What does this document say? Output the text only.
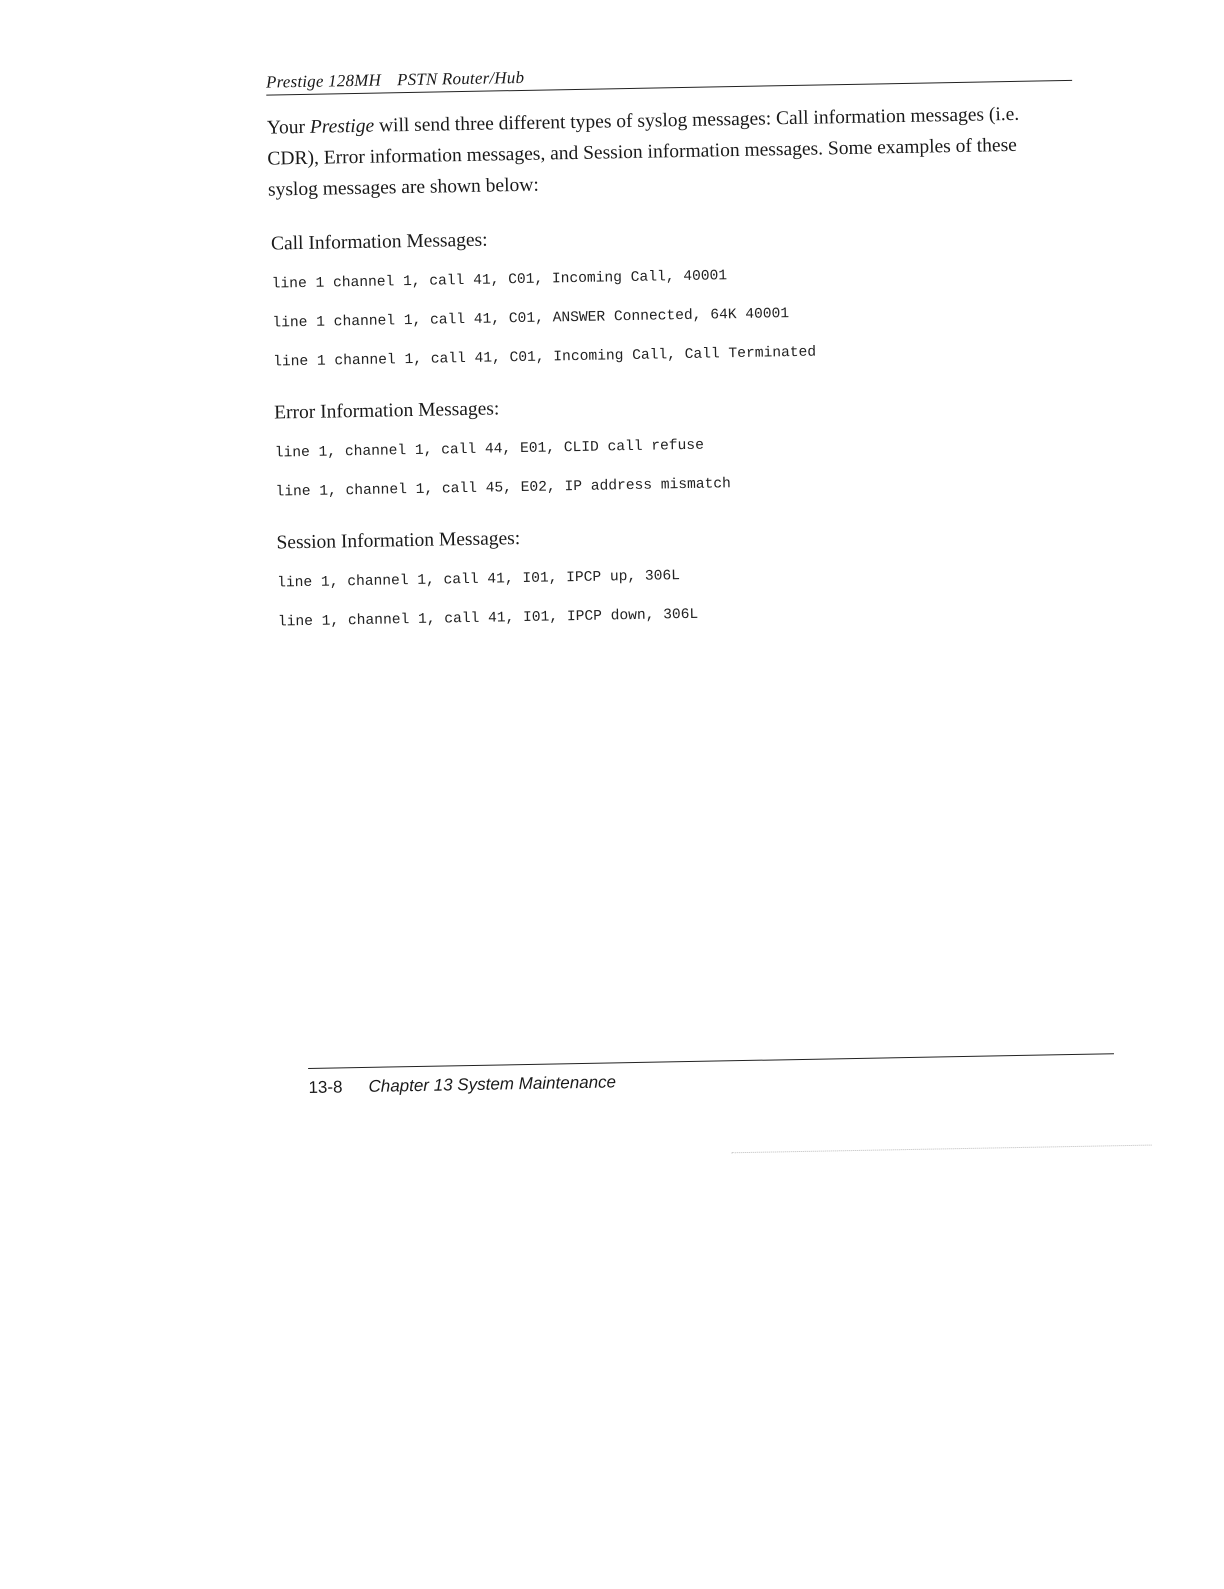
Prestige 128MH PSTN Router/Hub

Your Prestige will send three different types of syslog messages: Call information messages (i.e. CDR), Error information messages, and Session information messages. Some examples of these syslog messages are shown below:

Call Information Messages:
line 1 channel 1, call 41, C01, Incoming Call, 40001
line 1 channel 1, call 41, C01, ANSWER Connected, 64K 40001
line 1 channel 1, call 41, C01, Incoming Call, Call Terminated
Error Information Messages:
line 1, channel 1, call 44, E01, CLID call refuse
line 1, channel 1, call 45, E02, IP address mismatch
Session Information Messages:
line 1, channel 1, call 41, I01, IPCP up, 306L
line 1, channel 1, call 41, I01, IPCP down, 306L
13-8 Chapter 13 System Maintenance
